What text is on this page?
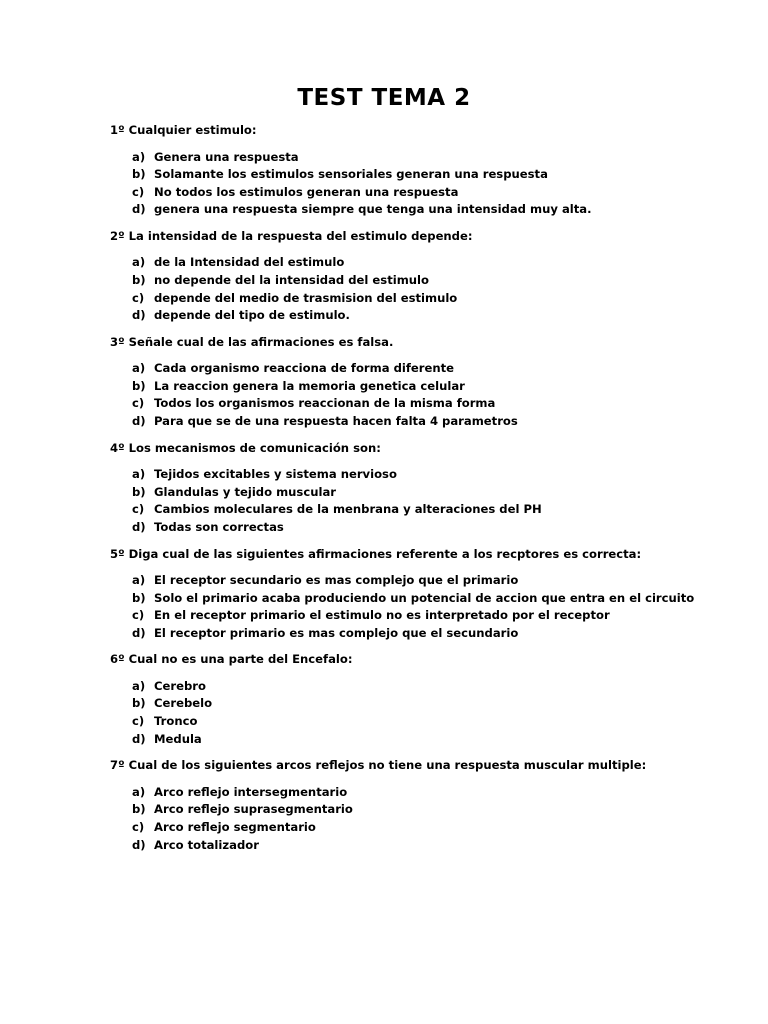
TEST TEMA 2
1º Cualquier estimulo:
a) Genera una respuesta
b) Solamante los estimulos sensoriales generan una respuesta
c) No todos los estimulos generan una respuesta
d) genera una respuesta siempre que tenga una intensidad muy alta.
2º La intensidad de la respuesta del estimulo depende:
a) de la Intensidad del estimulo
b) no depende del la intensidad del estimulo
c) depende del medio de trasmision del estimulo
d) depende del tipo de estimulo.
3º Señale cual de las afirmaciones es falsa.
a) Cada organismo reacciona de forma diferente
b) La reaccion genera la memoria genetica celular
c) Todos los organismos reaccionan de la misma forma
d) Para que se de una respuesta hacen falta 4 parametros
4º Los mecanismos de comunicación son:
a) Tejidos excitables y sistema nervioso
b) Glandulas y tejido muscular
c) Cambios moleculares de la menbrana y alteraciones del PH
d) Todas son correctas
5º Diga cual de las siguientes afirmaciones referente a los recptores es correcta:
a) El receptor secundario es mas complejo que el primario
b) Solo el primario acaba produciendo un potencial de accion que entra en el circuito
c) En el receptor primario el estimulo no es interpretado por el receptor
d) El receptor primario es mas complejo que el secundario
6º Cual no es una parte del Encefalo:
a) Cerebro
b) Cerebelo
c) Tronco
d) Medula
7º Cual de los siguientes arcos reflejos no tiene una respuesta muscular multiple:
a) Arco reflejo intersegmentario
b) Arco reflejo suprasegmentario
c) Arco reflejo segmentario
d) Arco totalizador
